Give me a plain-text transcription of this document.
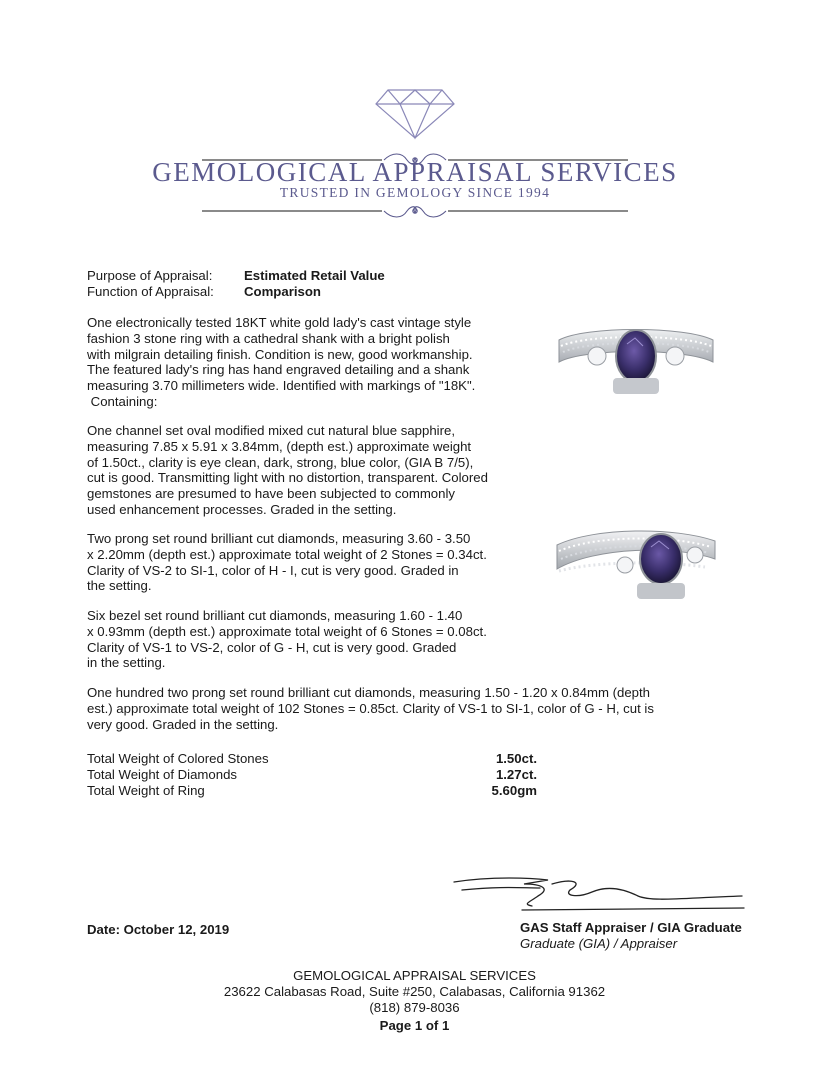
GEMOLOGICAL APPRAISAL SERVICES
TRUSTED IN GEMOLOGY SINCE 1994
Purpose of Appraisal: Estimated Retail Value
Function of Appraisal: Comparison
One electronically tested 18KT white gold lady's cast vintage style
fashion 3 stone ring with a cathedral shank with a bright polish
with milgrain detailing finish. Condition is new, good workmanship.
The featured lady's ring has hand engraved detailing and a shank
measuring 3.70 millimeters wide. Identified with markings of "18K".
Containing:
One channel set oval modified mixed cut natural blue sapphire,
measuring 7.85 x 5.91 x 3.84mm, (depth est.) approximate weight
of 1.50ct., clarity is eye clean, dark, strong, blue color, (GIA B 7/5),
cut is good. Transmitting light with no distortion, transparent. Colored
gemstones are presumed to have been subjected to commonly
used enhancement processes. Graded in the setting.
Two prong set round brilliant cut diamonds, measuring 3.60 - 3.50
x 2.20mm (depth est.) approximate total weight of 2 Stones = 0.34ct.
Clarity of VS-2 to SI-1, color of H - I, cut is very good. Graded in
the setting.
Six bezel set round brilliant cut diamonds, measuring 1.60 - 1.40
x 0.93mm (depth est.) approximate total weight of 6 Stones = 0.08ct.
Clarity of VS-1 to VS-2, color of G - H, cut is very good. Graded
in the setting.
One hundred two prong set round brilliant cut diamonds, measuring 1.50 - 1.20 x 0.84mm (depth
est.) approximate total weight of 102 Stones = 0.85ct. Clarity of VS-1 to SI-1, color of G - H, cut is
very good. Graded in the setting.
Total Weight of Colored Stones	1.50ct.
Total Weight of Diamonds	1.27ct.
Total Weight of Ring	5.60gm
Date: October 12, 2019	GAS Staff Appraiser / GIA Graduate
Graduate (GIA) / Appraiser
GEMOLOGICAL APPRAISAL SERVICES
23622 Calabasas Road, Suite #250, Calabasas, California 91362
(818) 879-8036
Page 1 of 1
